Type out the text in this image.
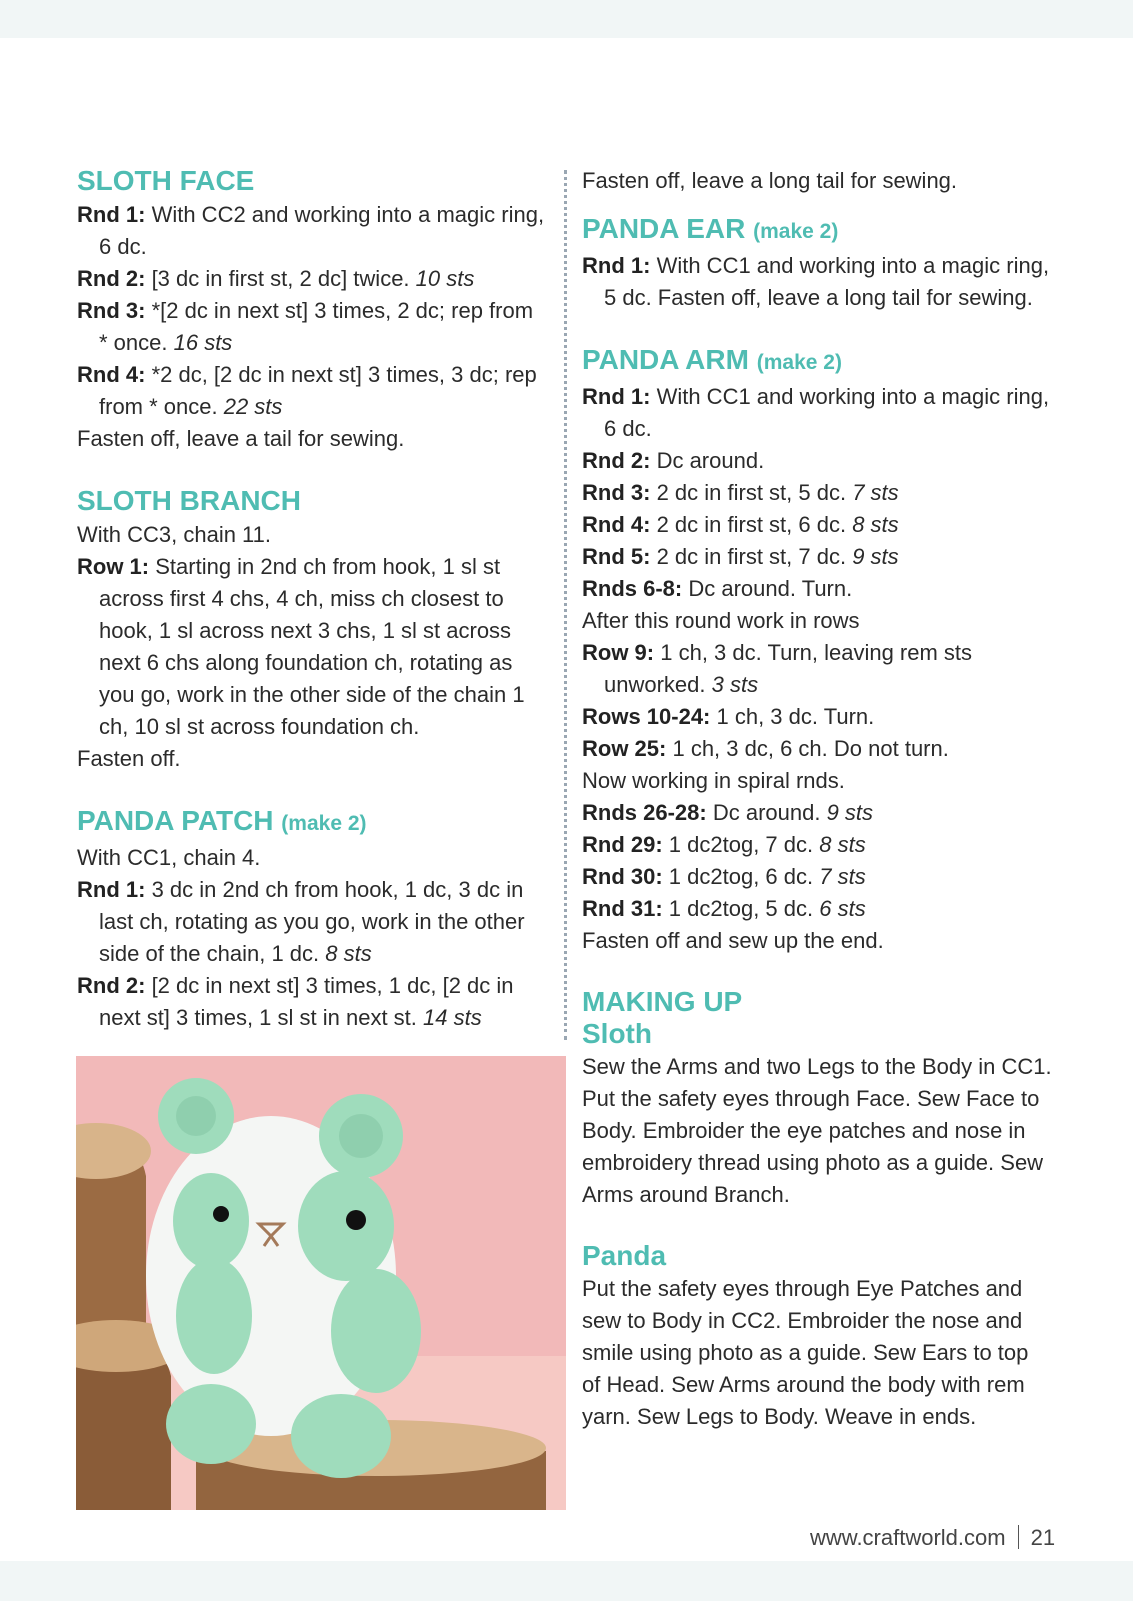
SLOTH FACE

Rnd 1: With CC2 and working into a magic ring, 6 dc.

Rnd 2: [3 dc in first st, 2 dc] twice. 10 sts

Rnd 3: *[2 dc in next st] 3 times, 2 dc; rep from * once. 16 sts

Rnd 4: *2 dc, [2 dc in next st] 3 times, 3 dc; rep from * once. 22 sts

Fasten off, leave a tail for sewing.

SLOTH BRANCH

With CC3, chain 11.

Row 1: Starting in 2nd ch from hook, 1 sl st across first 4 chs, 4 ch, miss ch closest to hook, 1 sl across next 3 chs, 1 sl st across next 6 chs along foundation ch, rotating as you go, work in the other side of the chain 1 ch, 10 sl st across foundation ch.

Fasten off.

PANDA PATCH (make 2)

With CC1, chain 4.

Rnd 1: 3 dc in 2nd ch from hook, 1 dc, 3 dc in last ch, rotating as you go, work in the other side of the chain, 1 dc. 8 sts

Rnd 2: [2 dc in next st] 3 times, 1 dc, [2 dc in next st] 3 times, 1 sl st in next st. 14 sts

Fasten off, leave a long tail for sewing.

PANDA EAR (make 2)

Rnd 1: With CC1 and working into a magic ring, 5 dc. Fasten off, leave a long tail for sewing.

PANDA ARM (make 2)

Rnd 1: With CC1 and working into a magic ring, 6 dc.

Rnd 2: Dc around.

Rnd 3: 2 dc in first st, 5 dc. 7 sts

Rnd 4: 2 dc in first st, 6 dc. 8 sts

Rnd 5: 2 dc in first st, 7 dc. 9 sts

Rnds 6-8: Dc around. Turn.

After this round work in rows

Row 9: 1 ch, 3 dc. Turn, leaving rem sts unworked. 3 sts

Rows 10-24: 1 ch, 3 dc. Turn.

Row 25: 1 ch, 3 dc, 6 ch. Do not turn.

Now working in spiral rnds.

Rnds 26-28: Dc around. 9 sts

Rnd 29: 1 dc2tog, 7 dc. 8 sts

Rnd 30: 1 dc2tog, 6 dc. 7 sts

Rnd 31: 1 dc2tog, 5 dc. 6 sts

Fasten off and sew up the end.

MAKING UP
Sloth

Sew the Arms and two Legs to the Body in CC1. Put the safety eyes through Face. Sew Face to Body. Embroider the eye patches and nose in embroidery thread using photo as a guide. Sew Arms around Branch.

Panda

Put the safety eyes through Eye Patches and sew to Body in CC2. Embroider the nose and smile using photo as a guide. Sew Ears to top of Head. Sew Arms around the body with rem yarn. Sew Legs to Body. Weave in ends.

www.craftworld.com 21
